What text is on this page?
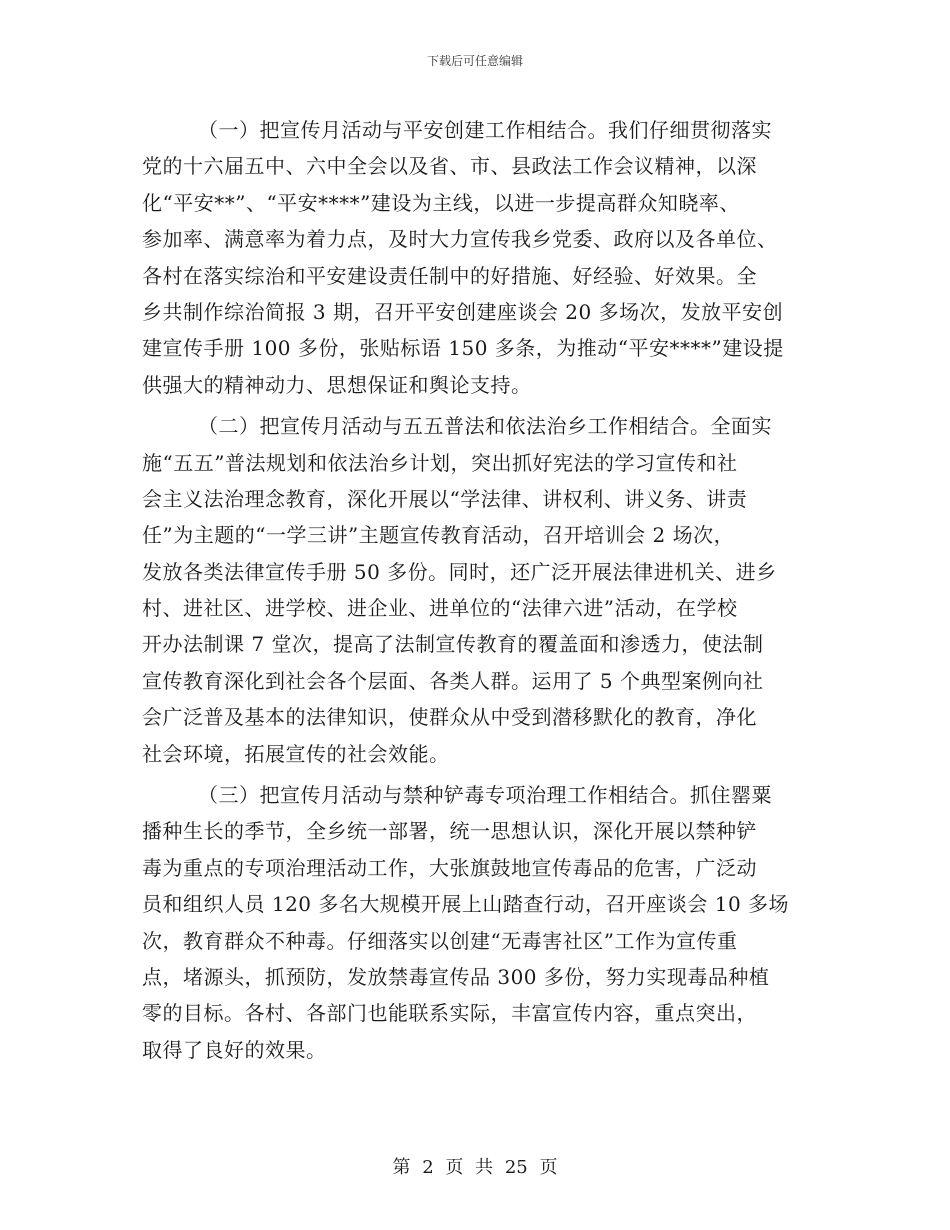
下载后可任意编辑
（一）把宣传月活动与平安创建工作相结合。我们仔细贯彻落实
党的十六届五中、六中全会以及省、市、县政法工作会议精神，以深
化“平安**”、“平安****”建设为主线，以进一步提高群众知晓率、
参加率、满意率为着力点，及时大力宣传我乡党委、政府以及各单位、
各村在落实综治和平安建设责任制中的好措施、好经验、好效果。全
乡共制作综治简报 3 期，召开平安创建座谈会 20 多场次，发放平安创
建宣传手册 100 多份，张贴标语 150 多条，为推动“平安****”建设提
供强大的精神动力、思想保证和舆论支持。
（二）把宣传月活动与五五普法和依法治乡工作相结合。全面实
施“五五”普法规划和依法治乡计划，突出抓好宪法的学习宣传和社
会主义法治理念教育，深化开展以“学法律、讲权利、讲义务、讲责
任”为主题的“一学三讲”主题宣传教育活动，召开培训会 2 场次，
发放各类法律宣传手册 50 多份。同时，还广泛开展法律进机关、进乡
村、进社区、进学校、进企业、进单位的“法律六进”活动，在学校
开办法制课 7 堂次，提高了法制宣传教育的覆盖面和渗透力，使法制
宣传教育深化到社会各个层面、各类人群。运用了 5 个典型案例向社
会广泛普及基本的法律知识，使群众从中受到潜移默化的教育，净化
社会环境，拓展宣传的社会效能。
（三）把宣传月活动与禁种铲毒专项治理工作相结合。抓住罂粟
播种生长的季节，全乡统一部署，统一思想认识，深化开展以禁种铲
毒为重点的专项治理活动工作，大张旗鼓地宣传毒品的危害，广泛动
员和组织人员 120 多名大规模开展上山踏查行动，召开座谈会 10 多场
次，教育群众不种毒。仔细落实以创建“无毒害社区”工作为宣传重
点，堵源头，抓预防，发放禁毒宣传品 300 多份，努力实现毒品种植
零的目标。各村、各部门也能联系实际，丰富宣传内容，重点突出，
取得了良好的效果。
第 2 页 共 25 页
